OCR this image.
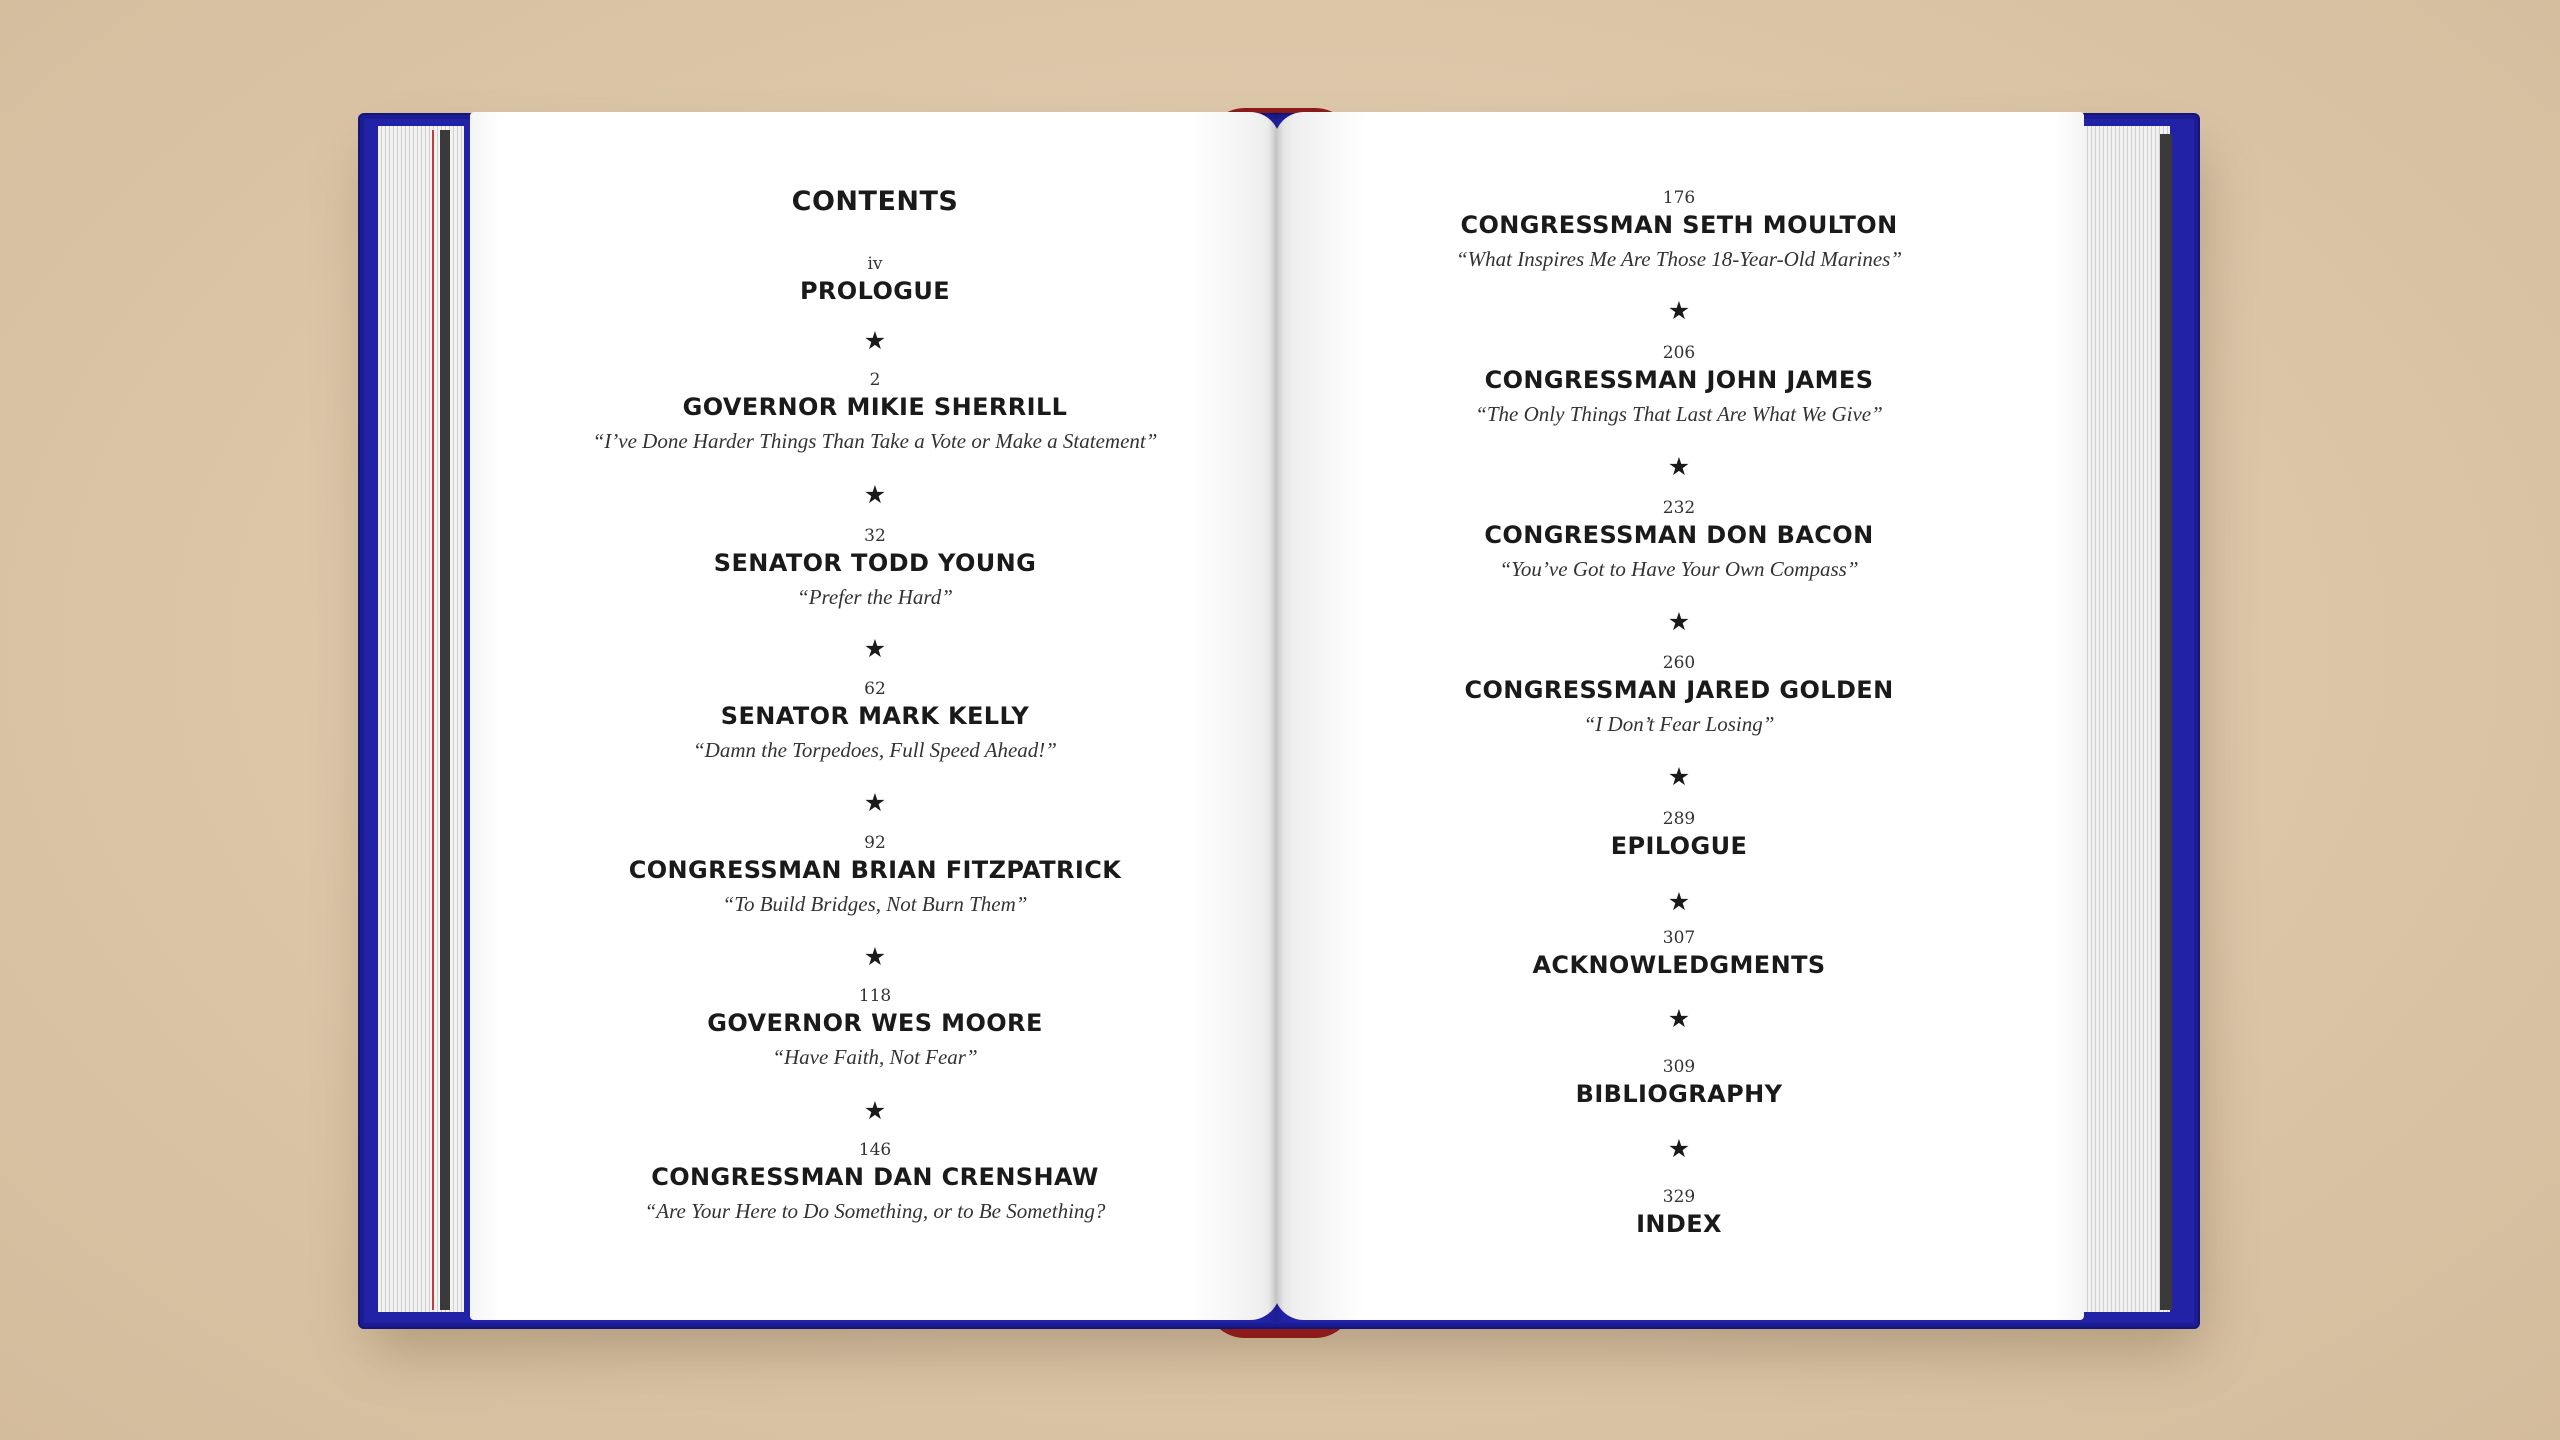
CONTENTS
iv
PROLOGUE
★
2
GOVERNOR MIKIE SHERRILL
“I’ve Done Harder Things Than Take a Vote or Make a Statement”
★
32
SENATOR TODD YOUNG
“Prefer the Hard”
★
62
SENATOR MARK KELLY
“Damn the Torpedoes, Full Speed Ahead!”
★
92
CONGRESSMAN BRIAN FITZPATRICK
“To Build Bridges, Not Burn Them”
★
118
GOVERNOR WES MOORE
“Have Faith, Not Fear”
★
146
CONGRESSMAN DAN CRENSHAW
“Are Your Here to Do Something, or to Be Something?
176
CONGRESSMAN SETH MOULTON
“What Inspires Me Are Those 18-Year-Old Marines”
★
206
CONGRESSMAN JOHN JAMES
“The Only Things That Last Are What We Give”
★
232
CONGRESSMAN DON BACON
“You’ve Got to Have Your Own Compass”
★
260
CONGRESSMAN JARED GOLDEN
“I Don’t Fear Losing”
★
289
EPILOGUE
★
307
ACKNOWLEDGMENTS
★
309
BIBLIOGRAPHY
★
329
INDEX
